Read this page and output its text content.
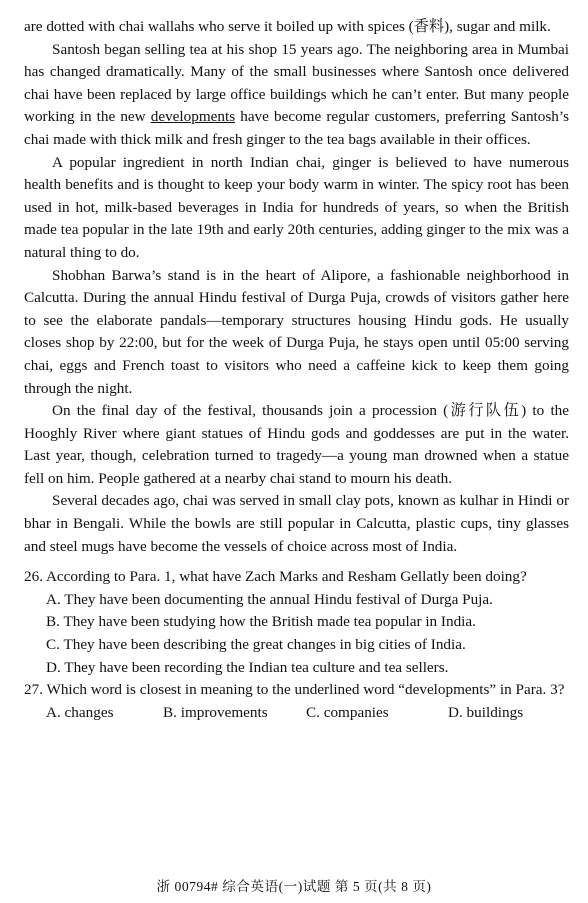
are dotted with chai wallahs who serve it boiled up with spices (香料), sugar and milk.

Santosh began selling tea at his shop 15 years ago. The neighboring area in Mumbai has changed dramatically. Many of the small businesses where Santosh once delivered chai have been replaced by large office buildings which he can’t enter. But many people working in the new developments have become regular customers, preferring Santosh’s chai made with thick milk and fresh ginger to the tea bags available in their offices.

A popular ingredient in north Indian chai, ginger is believed to have numerous health benefits and is thought to keep your body warm in winter. The spicy root has been used in hot, milk-based beverages in India for hundreds of years, so when the British made tea popular in the late 19th and early 20th centuries, adding ginger to the mix was a natural thing to do.

Shobhan Barwa’s stand is in the heart of Alipore, a fashionable neighborhood in Calcutta. During the annual Hindu festival of Durga Puja, crowds of visitors gather here to see the elaborate pandals—temporary structures housing Hindu gods. He usually closes shop by 22:00, but for the week of Durga Puja, he stays open until 05:00 serving chai, eggs and French toast to visitors who need a caffeine kick to keep them going through the night.

On the final day of the festival, thousands join a procession (游行队伍) to the Hooghly River where giant statues of Hindu gods and goddesses are put in the water. Last year, though, celebration turned to tragedy—a young man drowned when a statue fell on him. People gathered at a nearby chai stand to mourn his death.

Several decades ago, chai was served in small clay pots, known as kulhar in Hindi or bhar in Bengali. While the bowls are still popular in Calcutta, plastic cups, tiny glasses and steel mugs have become the vessels of choice across most of India.

26. According to Para. 1, what have Zach Marks and Resham Gellatly been doing?

A. They have been documenting the annual Hindu festival of Durga Puja.

B. They have been studying how the British made tea popular in India.

C. They have been describing the great changes in big cities of India.

D. They have been recording the Indian tea culture and tea sellers.

27. Which word is closest in meaning to the underlined word “developments” in Para. 3?

A. changes	B. improvements	C. companies	D. buildings
浙 00794# 综合英语(一)试题 第 5 页(共 8 页)
